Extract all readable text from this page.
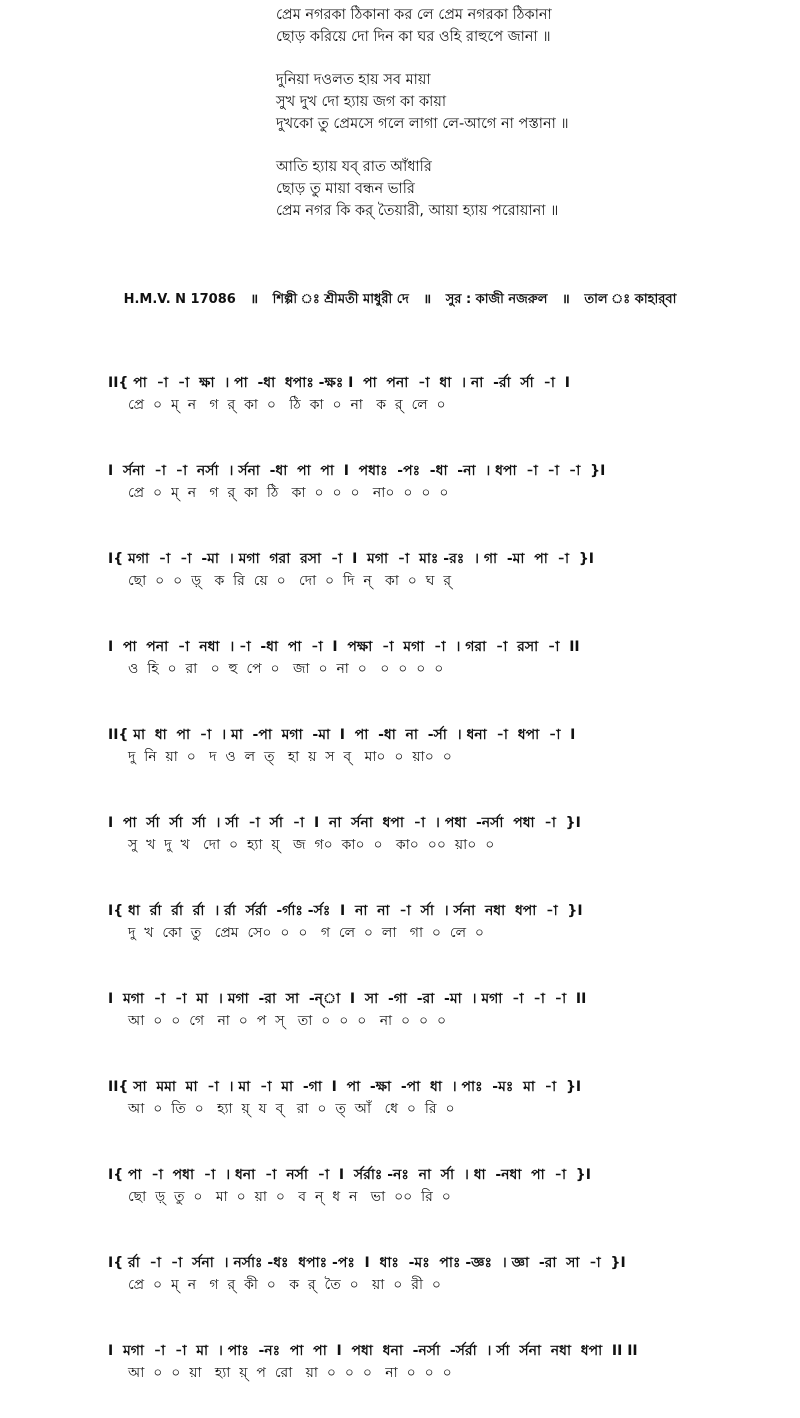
প্রেম নগরকা ঠিকানা কর লে প্রেম নগরকা ঠিকানা
ছোড় করিয়ে দো দিন কা ঘর ওহি রাহুপে জানা ॥
দুনিয়া দওলত হায় সব মায়া
সুখ দুখ দো হ্যায় জগ কা কায়া
দুখকো তু প্রেমসে গলে লাগা লে-আগে না পস্তানা ॥
আতি হ্যায় যব্ রাত আঁধারি
ছোড় তু মায়া বন্ধন ভারি
প্রেম নগর কি কর্ তৈয়ারী, আয়া হ্যায় পরোয়ানা ॥
H.M.V. N 17086 ॥ শিল্পী ঃ শ্রীমতী মাধুরী দে ॥ সুর : কাজী নজরুল ॥ তাল ঃ কাহার্‌বা
II{ পা  -া  -া  ক্ষা  । পা  -ধা  ধপাঃ -ক্ষঃ I  পা  পনা  -া  ধা  । না  -র্রা  র্সা  -া  I
প্রে  ০  ম্  ন   গ  র্  কা  ০   ঠি  কা  ০  না   ক  র্  লে  ০
I  র্সনা  -া  -া  নর্সা  । র্সনা  -ধা  পা  পা  I  পধাঃ  -পঃ  -ধা  -না  । ধপা  -া  -া  -া  }I
প্রে  ০  ম্  ন   গ  র্  কা  ঠি   কা  ০  ০  ০   না০  ০  ০  ০
I{ মগা  -া  -া  -মা  । মগা  গরা  রসা  -া  I  মগা  -া  মাঃ -রঃ  । গা  -মা  পা  -া  }I
ছো  ০  ০  ড়্   ক  রি  য়ে  ০   দো  ০  দি  ন্   কা  ০  ঘ  র্
I  পা  পনা  -া  নধা  । -া  -ধা  পা  -া  I  পক্ষা  -া  মগা  -া  । গরা  -া  রসা  -া  II
ও  হি  ০  রা   ০  হু  পে  ০   জা  ০  না  ০   ০  ০  ০  ০
II{ মা  ধা  পা  -া  । মা  -পা  মগা  -মা  I  পা  -ধা  না  -র্সা  । ধনা  -া  ধপা  -া  I
দু  নি  য়া  ০   দ  ও  ল  ত্   হা  য়  স  ব্   মা০  ০  য়া০  ০
I  পা  র্সা  র্সা  র্সা  । র্সা  -া  র্সা  -া  I  না  র্সনা  ধপা  -া  । পধা  -নর্সা  পধা  -া  }I
সু  খ  দু  খ   দো  ০  হ্যা  য়্   জ  গ০  কা০  ০   কা০  ০০  য়া০  ০
I{ ধা  র্রা  র্রা  র্রা  । র্রা  র্সর্রা  -র্গাঃ -র্সঃ  I  না  না  -া  র্সা  । র্সনা  নধা  ধপা  -া  }I
দু  খ  কো  তু   প্রেম  সে০  ০  ০   গ  লে  ০  লা   গা  ০  লে  ০
I  মগা  -া  -া  মা  । মগা  -রা  সা  -ন্া  I  সা  -গা  -রা  -মা  । মগা  -া  -া  -া  II
আ  ০  ০  গে   না  ০  প  স্   তা  ০  ০  ০   না  ০  ০  ০
II{ সা  মমা  মা  -া  । মা  -া  মা  -গা  I  পা  -ক্ষা  -পা  ধা  । পাঃ  -মঃ  মা  -া  }I
আ  ০  তি  ০   হ্যা  য়্  য  ব্   রা  ০  ত্  আঁ   ধে  ০  রি  ০
I{ পা  -া  পধা  -া  । ধনা  -া  নর্সা  -া  I  র্সর্রাঃ -নঃ  না  র্সা  । ধা  -নধা  পা  -া  }I
ছো  ড়্  তু  ০   মা  ০  য়া  ০   ব  ন্  ধ  ন   ভা  ০০  রি  ০
I{ র্রা  -া  -া  র্সনা  । নর্সাঃ -ধঃ  ধপাঃ -পঃ  I  ধাঃ  -মঃ  পাঃ -জ্ঞঃ  । জ্ঞা  -রা  সা  -া  }I
প্রে  ০  ম্  ন   গ  র্  কী  ০   ক  র্  তৈ  ০   য়া  ০  রী  ০
I  মগা  -া  -া  মা  । পাঃ  -নঃ  পা  পা  I  পধা  ধনা  -নর্সা  -র্সর্রা  । র্সা  র্সনা  নধা  ধপা  II II
আ  ০  ০  য়া   হ্যা  য়্  প  রো   য়া  ০  ০  ০   না  ০  ০  ০
